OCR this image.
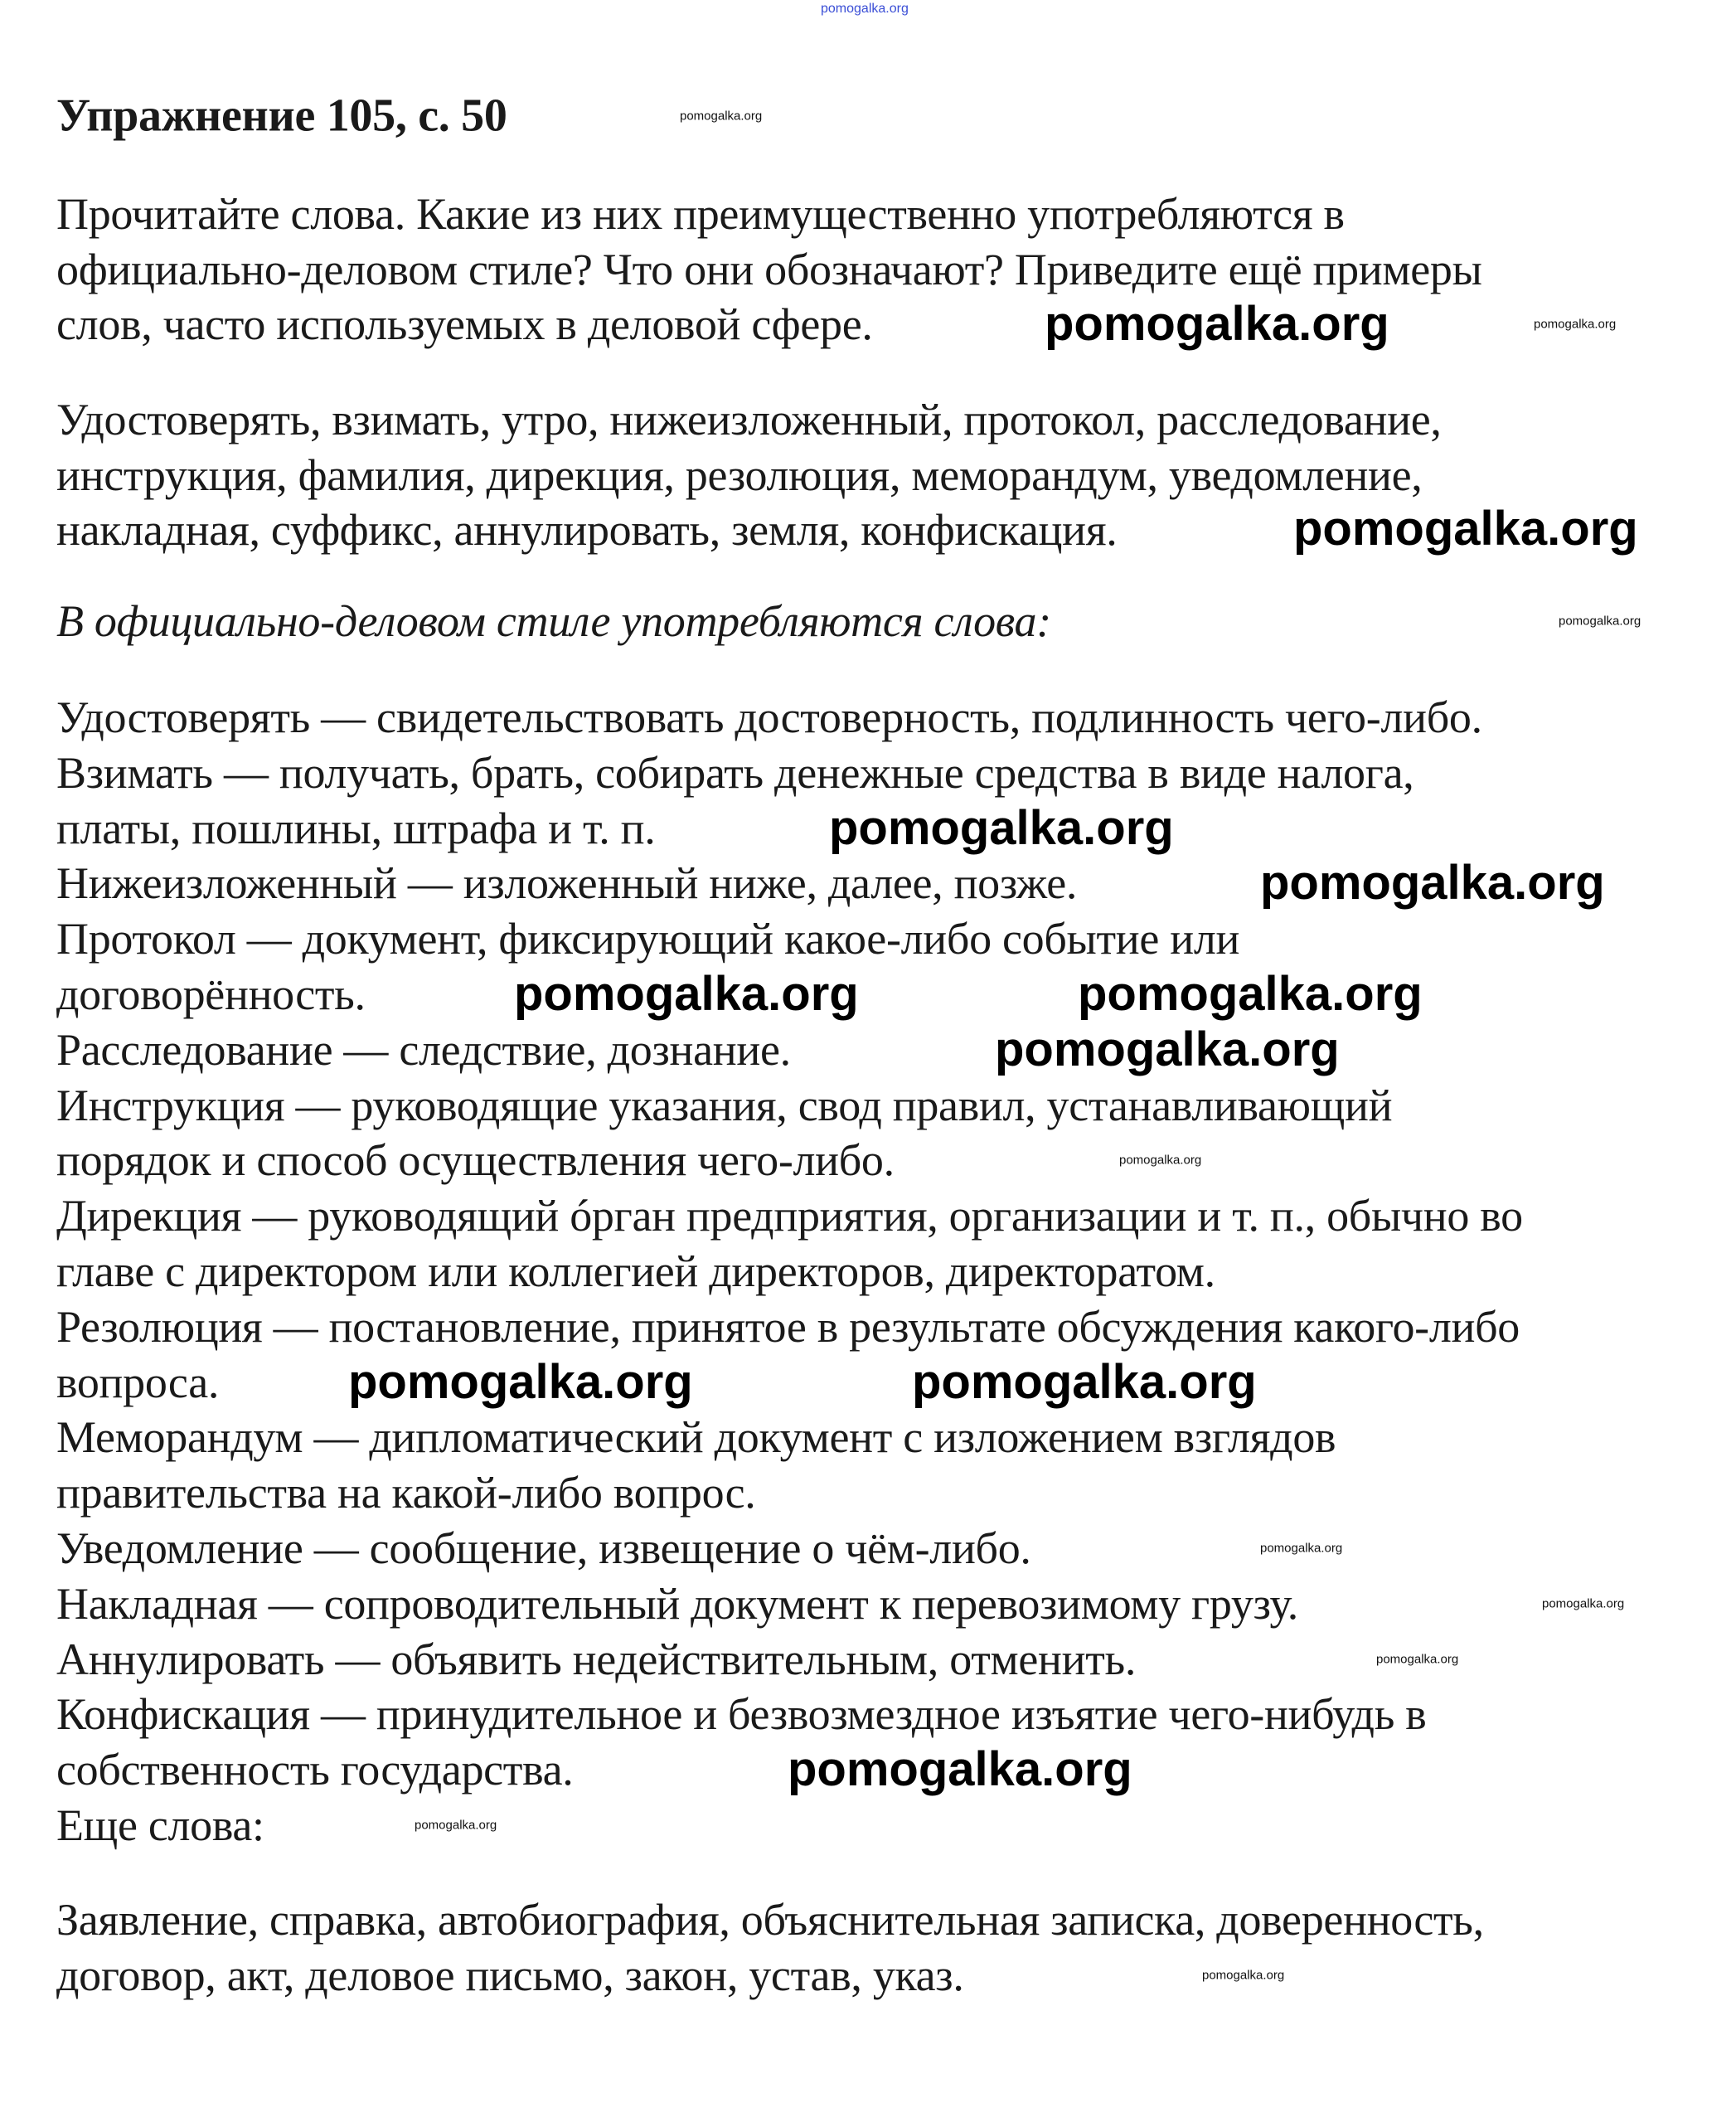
Упражнение 105, с. 50
Прочитайте слова. Какие из них преимущественно употребляются в
официально-деловом стиле? Что они обозначают? Приведите ещё примеры
слов, часто используемых в деловой сфере.
Удостоверять, взимать, утро, нижеизложенный, протокол, расследование,
инструкция, фамилия, дирекция, резолюция, меморандум, уведомление,
накладная, суффикс, аннулировать, земля, конфискация.
В официально-деловом стиле употребляются слова:
Удостоверять — свидетельствовать достоверность, подлинность чего-либо.
Взимать — получать, брать, собирать денежные средства в виде налога,
платы, пошлины, штрафа и т. п.
Нижеизложенный — изложенный ниже, далее, позже.
Протокол — документ, фиксирующий какое-либо событие или
договорённость.
Расследование — следствие, дознание.
Инструкция — руководящие указания, свод правил, устанавливающий
порядок и способ осуществления чего-либо.
Дирекция — руководящий óрган предприятия, организации и т. п., обычно во
главе с директором или коллегией директоров, директоратом.
Резолюция — постановление, принятое в результате обсуждения какого-либо
вопроса.
Меморандум — дипломатический документ с изложением взглядов
правительства на какой-либо вопрос.
Уведомление — сообщение, извещение о чём-либо.
Накладная — сопроводительный документ к перевозимому грузу.
Аннулировать — объявить недействительным, отменить.
Конфискация — принудительное и безвозмездное изъятие чего-нибудь в
собственность государства.
Еще слова:
Заявление, справка, автобиография, объяснительная записка, доверенность,
договор, акт, деловое письмо, закон, устав, указ.
pomogalka.org
pomogalka.org
pomogalka.org
pomogalka.org
pomogalka.org	pomogalka.org
pomogalka.org
pomogalka.org	pomogalka.org
pomogalka.org
pomogalka.org
pomogalka.org
pomogalka.org
pomogalka.org
pomogalka.org
pomogalka.org
pomogalka.org
pomogalka.org
pomogalka.org
pomogalka.org
